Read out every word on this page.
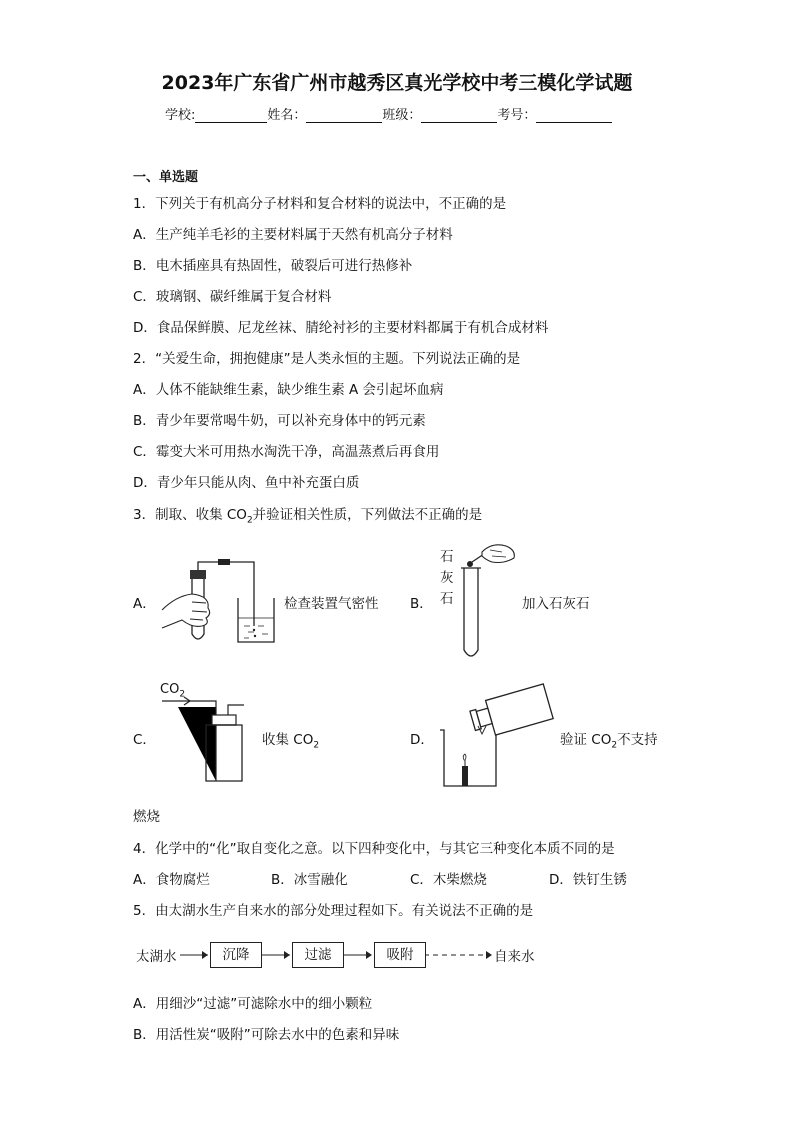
2023年广东省广州市越秀区真光学校中考三模化学试题
学校:	姓名：	班级：	考号：
一、单选题
1．下列关于有机高分子材料和复合材料的说法中，不正确的是
A．生产纯羊毛衫的主要材料属于天然有机高分子材料
B．电木插座具有热固性，破裂后可进行热修补
C．玻璃钢、碳纤维属于复合材料
D．食品保鲜膜、尼龙丝袜、腈纶衬衫的主要材料都属于有机合成材料
2．“关爱生命，拥抱健康”是人类永恒的主题。下列说法正确的是
A．人体不能缺维生素，缺少维生素 A 会引起坏血病
B．青少年要常喝牛奶，可以补充身体中的钙元素
C．霉变大米可用热水淘洗干净，高温蒸煮后再食用
D．青少年只能从肉、鱼中补充蛋白质
3．制取、收集 $CO_2$并验证相关性质，下列做法不正确的是
A．	检查装置气密性 B．
石
灰
石	加入石灰石
C．
$CO_2$
收集 $CO_2$	D．	验证 $CO_2$不支持
燃烧
4．化学中的“化”取自变化之意。以下四种变化中，与其它三种变化本质不同的是
A．食物腐烂	B．冰雪融化	C．木柴燃烧	D．铁钉生锈
5．由太湖水生产自来水的部分处理过程如下。有关说法不正确的是
太湖水	沉降	过滤	吸附	自来水
A．用细沙“过滤”可滤除水中的细小颗粒
B．用活性炭“吸附”可除去水中的色素和异味
